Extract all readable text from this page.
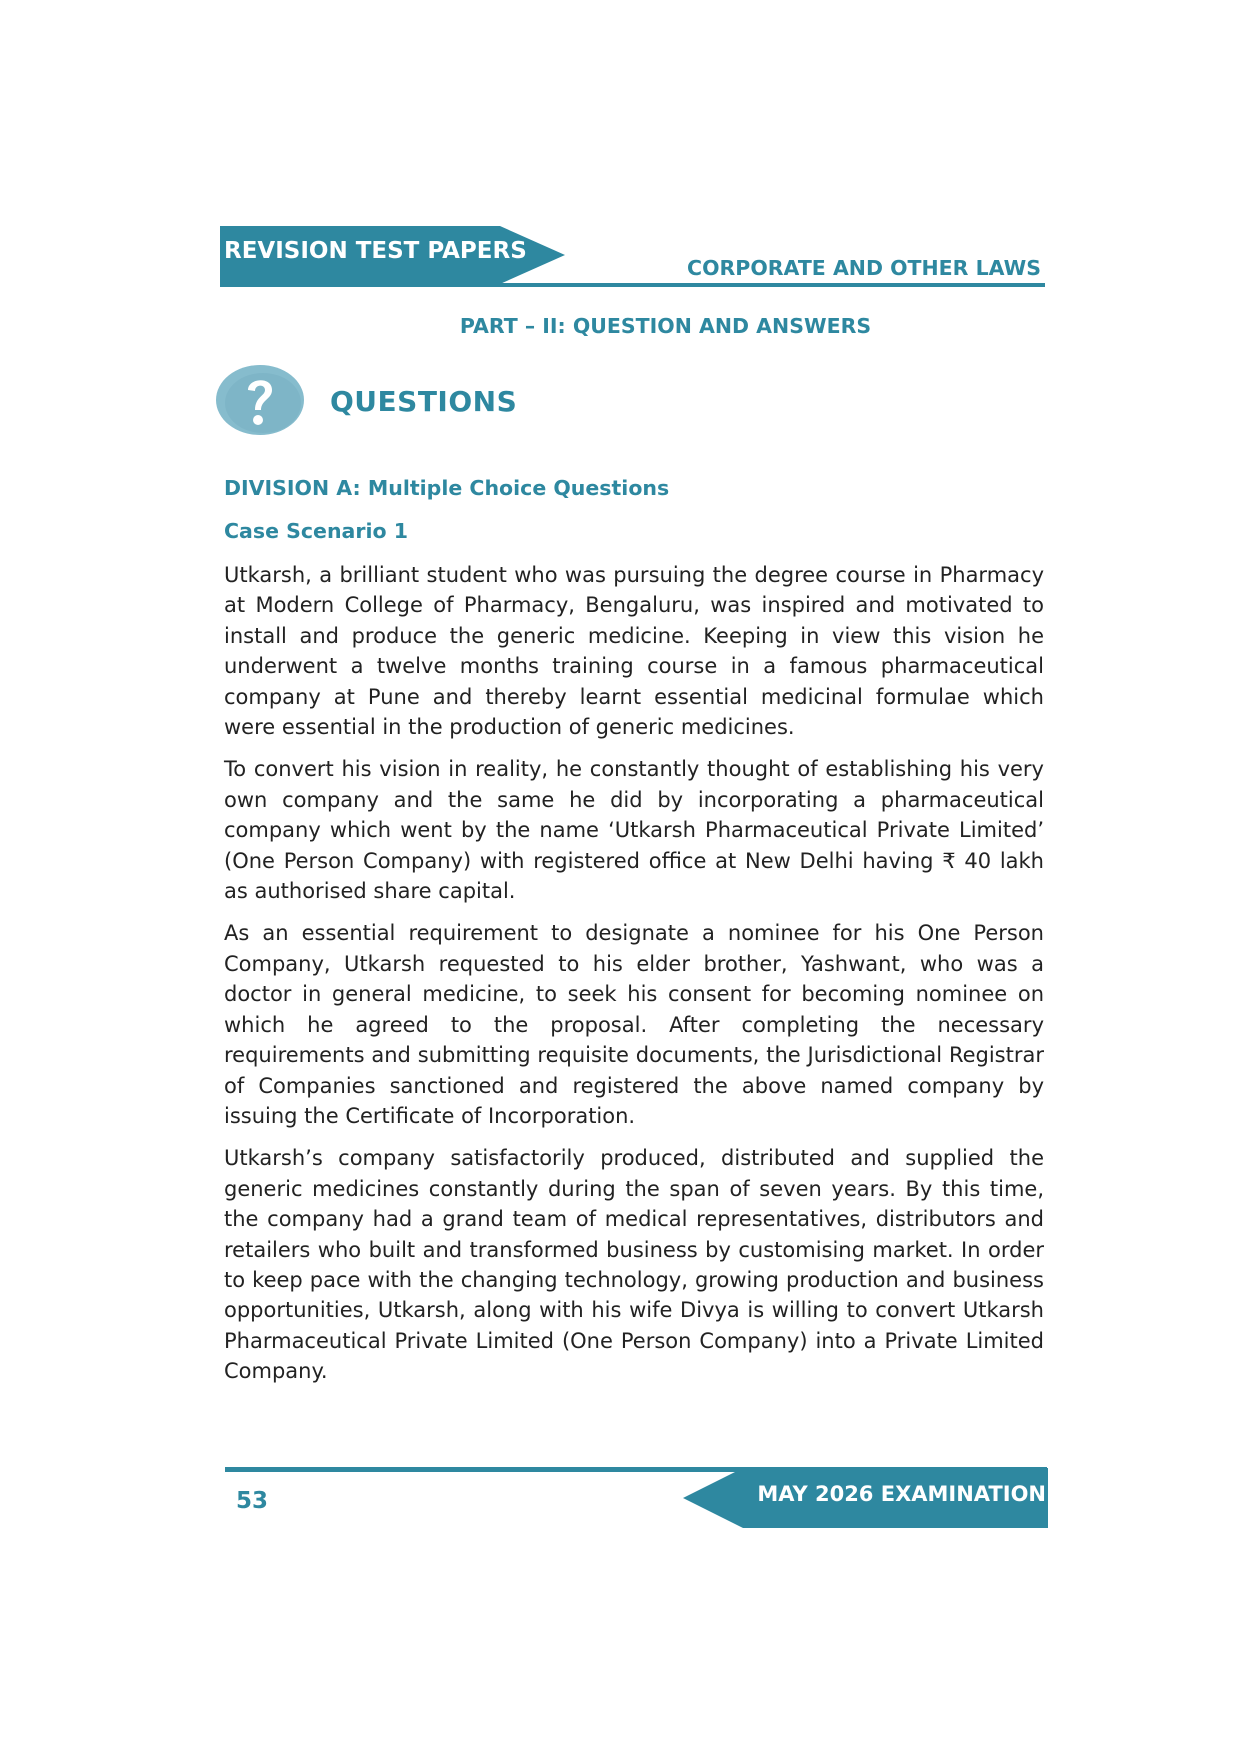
REVISION TEST PAPERS
CORPORATE AND OTHER LAWS
PART – II: QUESTION AND ANSWERS
QUESTIONS
DIVISION A: Multiple Choice Questions
Case Scenario 1

Utkarsh, a brilliant student who was pursuing the degree course in Pharmacy at Modern College of Pharmacy, Bengaluru, was inspired and motivated to install and produce the generic medicine. Keeping in view this vision he underwent a twelve months training course in a famous pharmaceutical company at Pune and thereby learnt essential medicinal formulae which were essential in the production of generic medicines.

To convert his vision in reality, he constantly thought of establishing his very own company and the same he did by incorporating a pharmaceutical company which went by the name ‘Utkarsh Pharmaceutical Private Limited’ (One Person Company) with registered office at New Delhi having ₹ 40 lakh as authorised share capital.

As an essential requirement to designate a nominee for his One Person Company, Utkarsh requested to his elder brother, Yashwant, who was a doctor in general medicine, to seek his consent for becoming nominee on which he agreed to the proposal. After completing the necessary requirements and submitting requisite documents, the Jurisdictional Registrar of Companies sanctioned and registered the above named company by issuing the Certificate of Incorporation.

Utkarsh’s company satisfactorily produced, distributed and supplied the generic medicines constantly during the span of seven years. By this time, the company had a grand team of medical representatives, distributors and retailers who built and transformed business by customising market. In order to keep pace with the changing technology, growing production and business opportunities, Utkarsh, along with his wife Divya is willing to convert Utkarsh Pharmaceutical Private Limited (One Person Company) into a Private Limited Company.

MAY 2026 EXAMINATION
53
